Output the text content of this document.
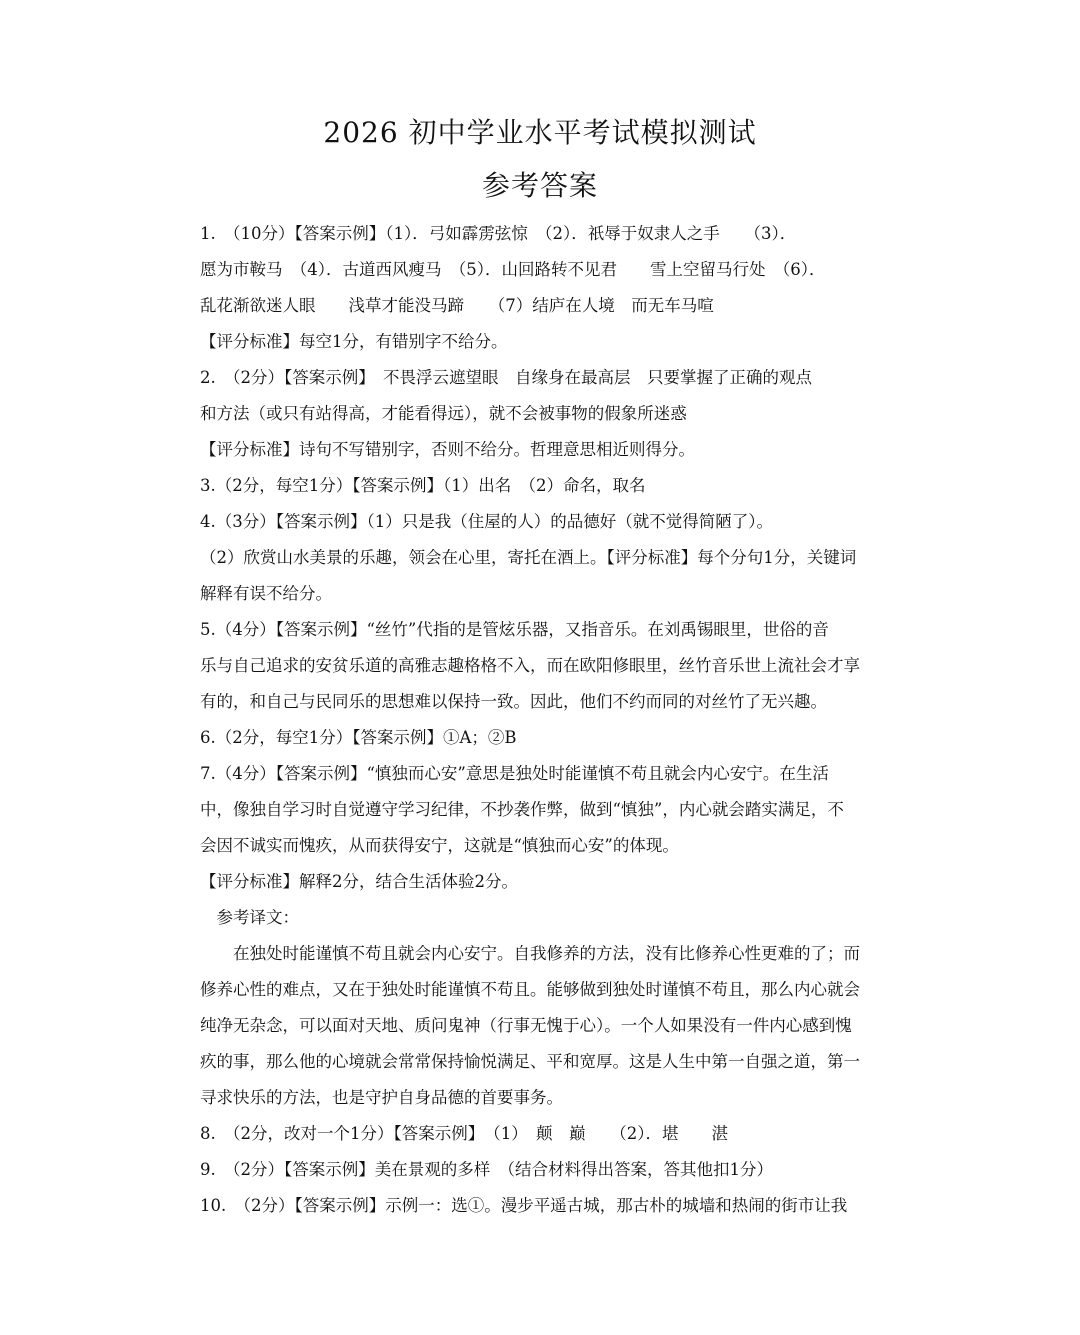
2026 初中学业水平考试模拟测试
参考答案
1.　（10分）【答案示例】（1）．弓如霹雳弦惊　（2）．祇辱于奴隶人之手　　（3）．
愿为市鞍马　（4）．古道西风瘦马　（5）．山回路转不见君　　雪上空留马行处　（6）．
乱花渐欲迷人眼　　浅草才能没马蹄　　（7）结庐在人境　而无车马喧
【评分标准】每空1分，有错别字不给分。
2.　（2分）【答案示例】　不畏浮云遮望眼　自缘身在最高层　只要掌握了正确的观点
和方法（或只有站得高，才能看得远），就不会被事物的假象所迷惑
【评分标准】诗句不写错别字，否则不给分。哲理意思相近则得分。
3.（2分，每空1分）【答案示例】（1）出名　（2）命名，取名
4.（3分）【答案示例】（1）只是我（住屋的人）的品德好（就不觉得简陋了）。
（2）欣赏山水美景的乐趣，领会在心里，寄托在酒上。【评分标准】每个分句1分，关键词
解释有误不给分。
5.（4分）【答案示例】“丝竹”代指的是管炫乐器，又指音乐。在刘禹锡眼里，世俗的音
乐与自己追求的安贫乐道的高雅志趣格格不入，而在欧阳修眼里，丝竹音乐世上流社会才享
有的，和自己与民同乐的思想难以保持一致。因此，他们不约而同的对丝竹了无兴趣。
6.（2分，每空1分）【答案示例】①A；②B
7.（4分）【答案示例】“慎独而心安”意思是独处时能谨慎不苟且就会内心安宁。在生活
中，像独自学习时自觉遵守学习纪律，不抄袭作弊，做到“慎独”，内心就会踏实满足，不
会因不诚实而愧疚，从而获得安宁，这就是“慎独而心安”的体现。
【评分标准】解释2分，结合生活体验2分。
　参考译文：
　　在独处时能谨慎不苟且就会内心安宁。自我修养的方法，没有比修养心性更难的了；而
修养心性的难点，又在于独处时能谨慎不苟且。能够做到独处时谨慎不苟且，那么内心就会
纯净无杂念，可以面对天地、质问鬼神（行事无愧于心）。一个人如果没有一件内心感到愧
疚的事，那么他的心境就会常常保持愉悦满足、平和宽厚。这是人生中第一自强之道，第一
寻求快乐的方法，也是守护自身品德的首要事务。
8.　（2分，改对一个1分）【答案示例】　（1）　颠　巅　　（2）．堪　　湛
9.　（2分）【答案示例】美在景观的多样　（结合材料得出答案，答其他扣1分）
10.　（2分）【答案示例】示例一：选①。漫步平遥古城，那古朴的城墙和热闹的街市让我
